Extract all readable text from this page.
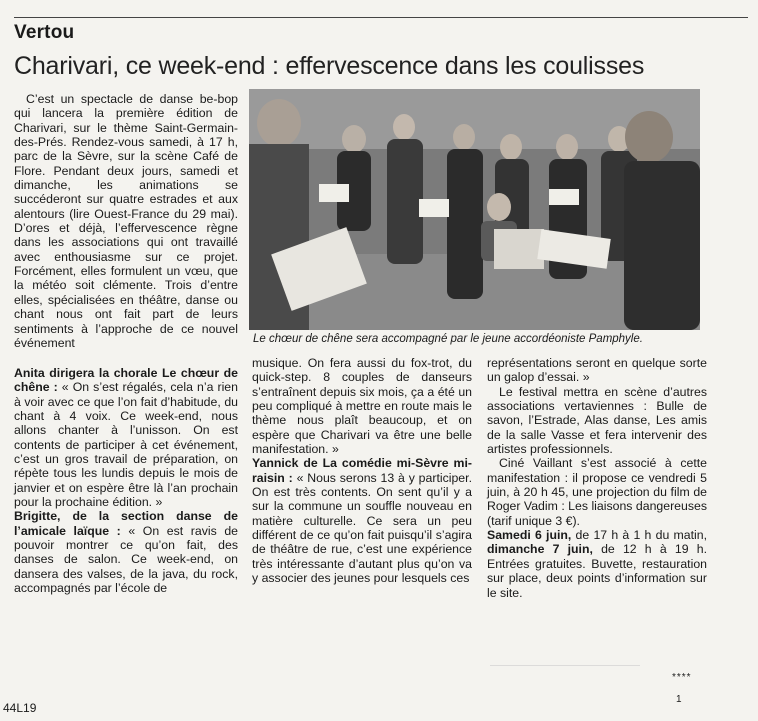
Vertou
Charivari, ce week-end : effervescence dans les coulisses

C’est un spectacle de danse be-bop qui lancera la première édition de Charivari, sur le thème Saint-Germain-des-Prés. Rendez-vous samedi, à 17 h, parc de la Sèvre, sur la scène Café de Flore. Pendant deux jours, samedi et dimanche, les animations se succéderont sur quatre estrades et aux alentours (lire Ouest-France du 29 mai). D’ores et déjà, l’effervescence règne dans les associations qui ont travaillé avec enthousiasme sur ce projet. Forcément, elles formulent un vœu, que la météo soit clémente. Trois d’entre elles, spécialisées en théâtre, danse ou chant nous ont fait part de leurs sentiments à l’approche de ce nouvel événement	Le chœur de chêne sera accompagné par le jeune accordéoniste Pamphyle.

Anita dirigera la chorale Le chœur de chêne : « On s’est régalés, cela n’a rien à voir avec ce que l’on fait d’habitude, du chant à 4 voix. Ce week-end, nous allons chanter à l’unisson. On est contents de participer à cet événement, c’est un gros travail de préparation, on répète tous les lundis depuis le mois de janvier et on espère être là l’an prochain pour la prochaine édition. »

Brigitte, de la section danse de l’amicale laïque : « On est ravis de pouvoir montrer ce qu’on fait, des danses de salon. Ce week-end, on dansera des valses, de la java, du rock, accompagnés par l’école de

musique. On fera aussi du fox-trot, du quick-step. 8 couples de danseurs s’entraînent depuis six mois, ça a été un peu compliqué à mettre en route mais le thème nous plaît beaucoup, et on espère que Charivari va être une belle manifestation. »

Yannick de La comédie mi-Sèvre mi-raisin : « Nous serons 13 à y participer. On est très contents. On sent qu’il y a sur la commune un souffle nouveau en matière culturelle. Ce sera un peu différent de ce qu’on fait puisqu’il s’agira de théâtre de rue, c’est une expérience très intéressante d’autant plus qu’on va y associer des jeunes pour lesquels ces

représentations seront en quelque sorte un galop d’essai. »

Le festival mettra en scène d’autres associations vertaviennes : Bulle de savon, l’Estrade, Alas danse, Les amis de la salle Vasse et fera intervenir des artistes professionnels.

Ciné Vaillant s’est associé à cette manifestation : il propose ce vendredi 5 juin, à 20 h 45, une projection du film de Roger Vadim : Les liaisons dangereuses (tarif unique 3 €).

Samedi 6 juin, de 17 h à 1 h du matin, dimanche 7 juin, de 12 h à 19 h. Entrées gratuites. Buvette, restauration sur place, deux points d’information sur le site.

44L19
****
1
